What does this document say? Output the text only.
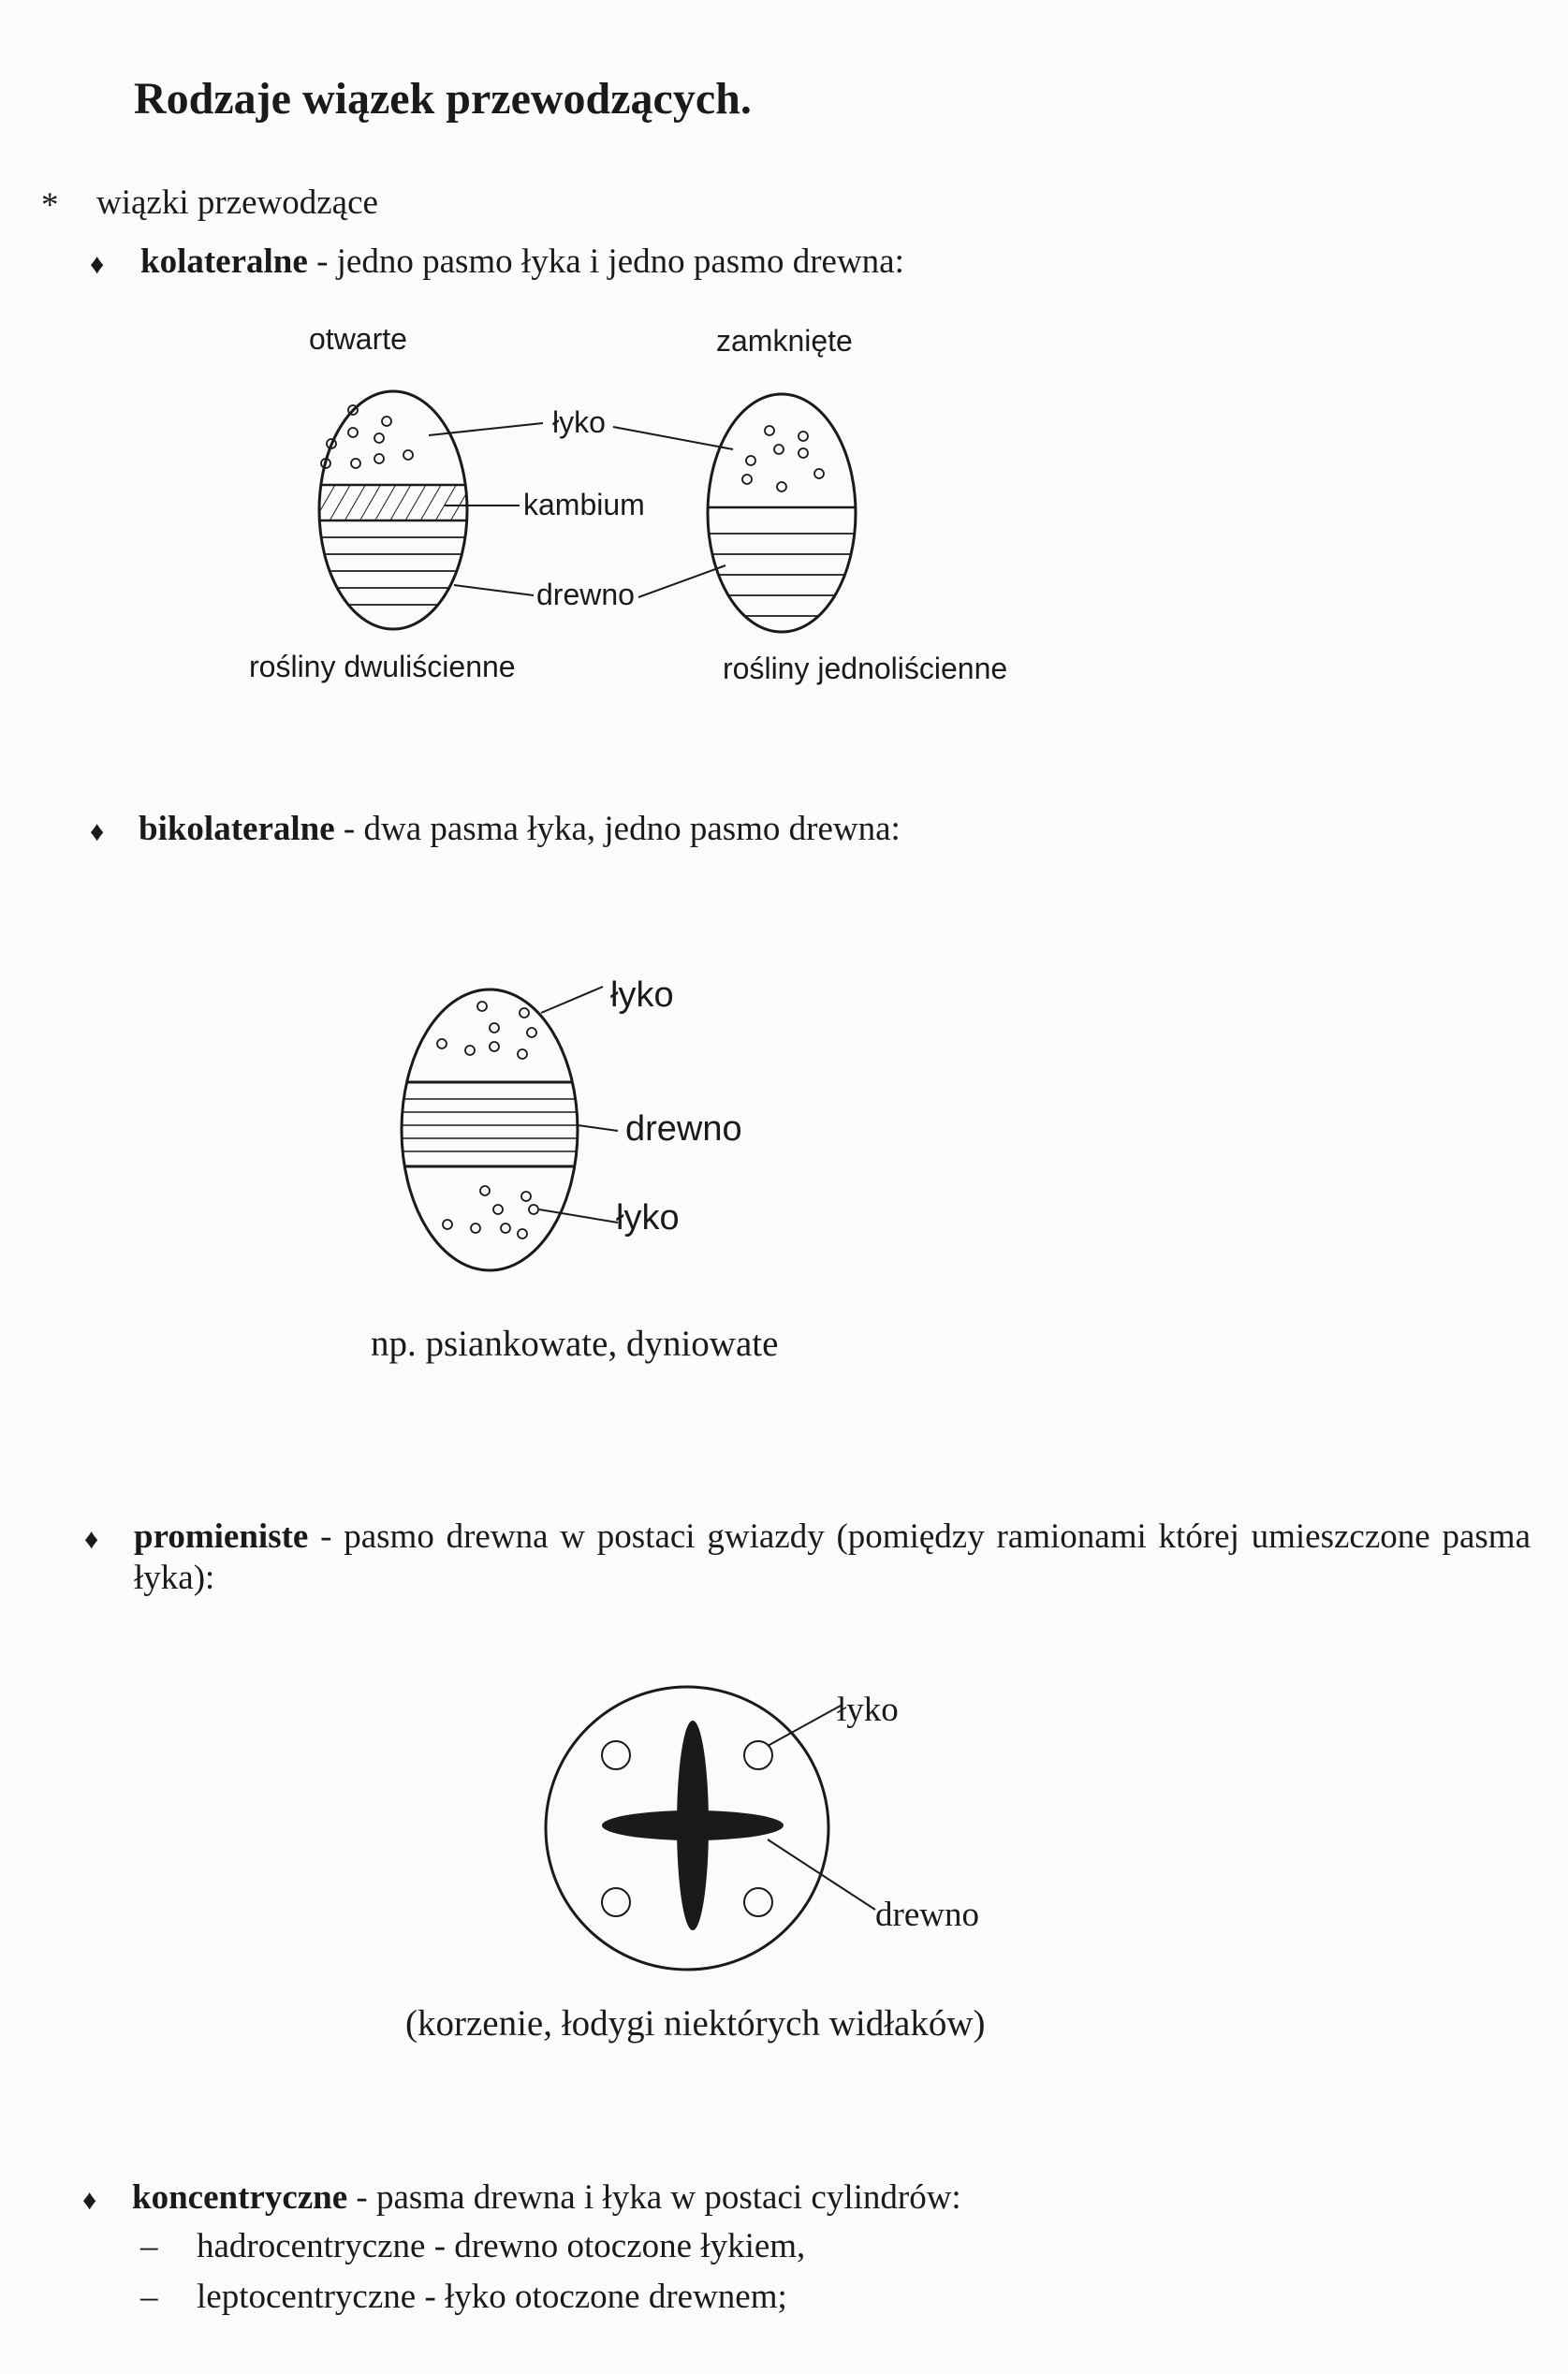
Rodzaje wiązek przewodzących.
* wiązki przewodzące
♦ kolateralne - jedno pasmo łyka i jedno pasmo drewna:
otwarte	zamknięte
łyko
kambium
drewno
rośliny dwuliścienne	rośliny jednoliścienne
♦ bikolateralne - dwa pasma łyka, jedno pasmo drewna:
łyko
drewno
łyko
np. psiankowate, dyniowate
♦ promieniste - pasmo drewna w postaci gwiazdy (pomiędzy ramionami której umieszczone pasma łyka):
łyko
drewno
(korzenie, łodygi niektórych widłaków)
♦ koncentryczne - pasma drewna i łyka w postaci cylindrów:
– hadrocentryczne - drewno otoczone łykiem,
– leptocentryczne - łyko otoczone drewnem;
